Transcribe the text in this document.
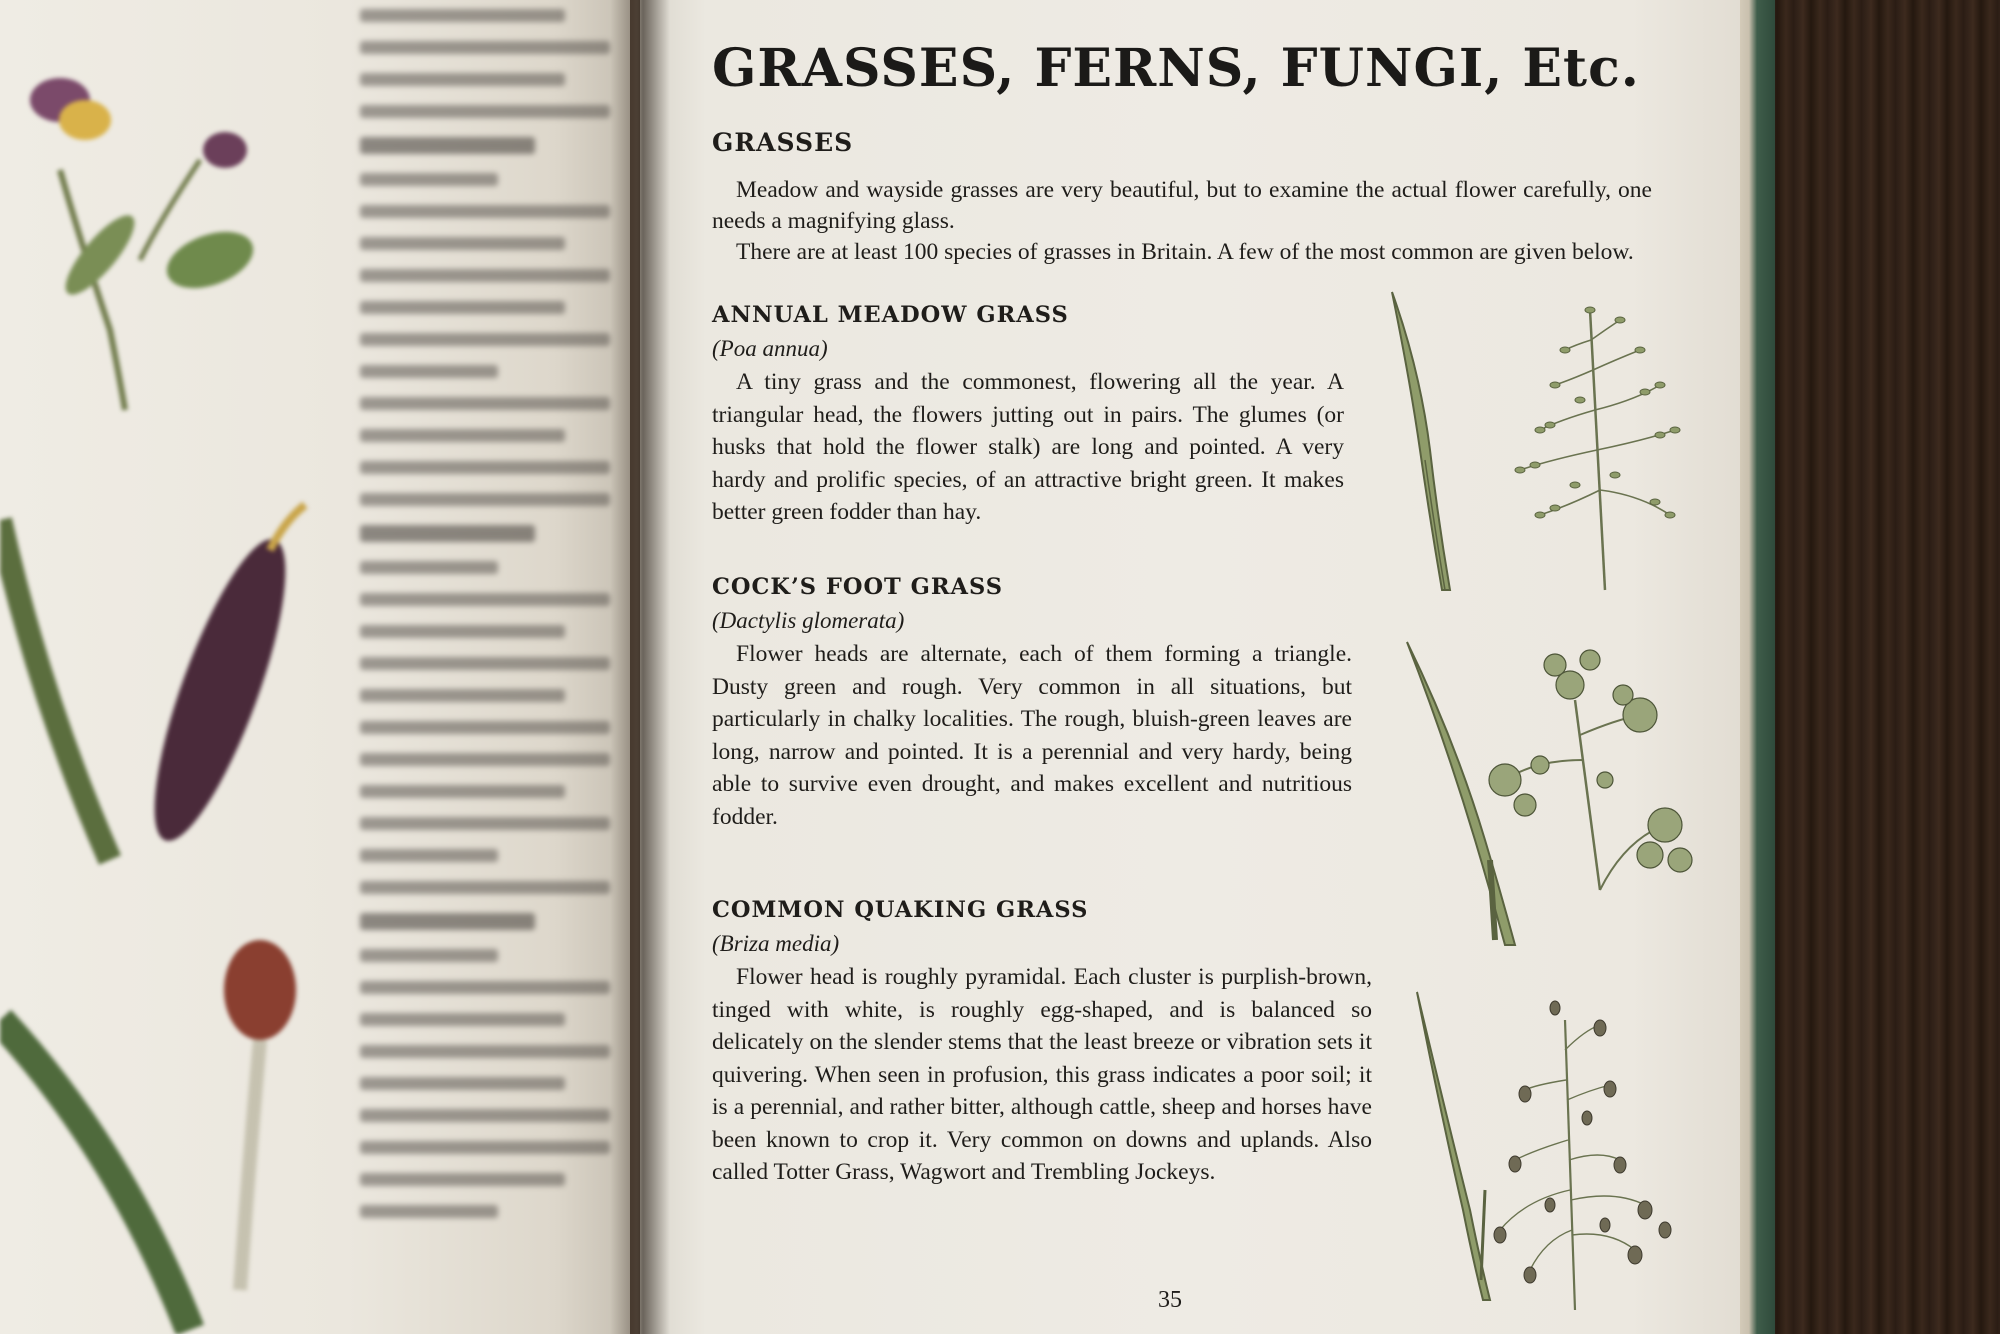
GRASSES, FERNS, FUNGI, Etc.
GRASSES

Meadow and wayside grasses are very beautiful, but to examine the actual flower carefully, one needs a magnifying glass.

There are at least 100 species of grasses in Britain. A few of the most common are given below.

ANNUAL MEADOW GRASS
(Poa annua)

A tiny grass and the commonest, flowering all the year. A triangular head, the flowers jutting out in pairs. The glumes (or husks that hold the flower stalk) are long and pointed. A very hardy and prolific species, of an attractive bright green. It makes better green fodder than hay.

COCK’S FOOT GRASS
(Dactylis glomerata)

Flower heads are alternate, each of them forming a triangle. Dusty green and rough. Very common in all situations, but particularly in chalky localities. The rough, bluish-green leaves are long, narrow and pointed. It is a perennial and very hardy, being able to survive even drought, and makes excellent and nutritious fodder.

COMMON QUAKING GRASS
(Briza media)

Flower head is roughly pyramidal. Each cluster is purplish-brown, tinged with white, is roughly egg-shaped, and is balanced so delicately on the slender stems that the least breeze or vibration sets it quivering. When seen in profusion, this grass indicates a poor soil; it is a perennial, and rather bitter, although cattle, sheep and horses have been known to crop it. Very common on downs and uplands. Also called Totter Grass, Wagwort and Trembling Jockeys.

35
